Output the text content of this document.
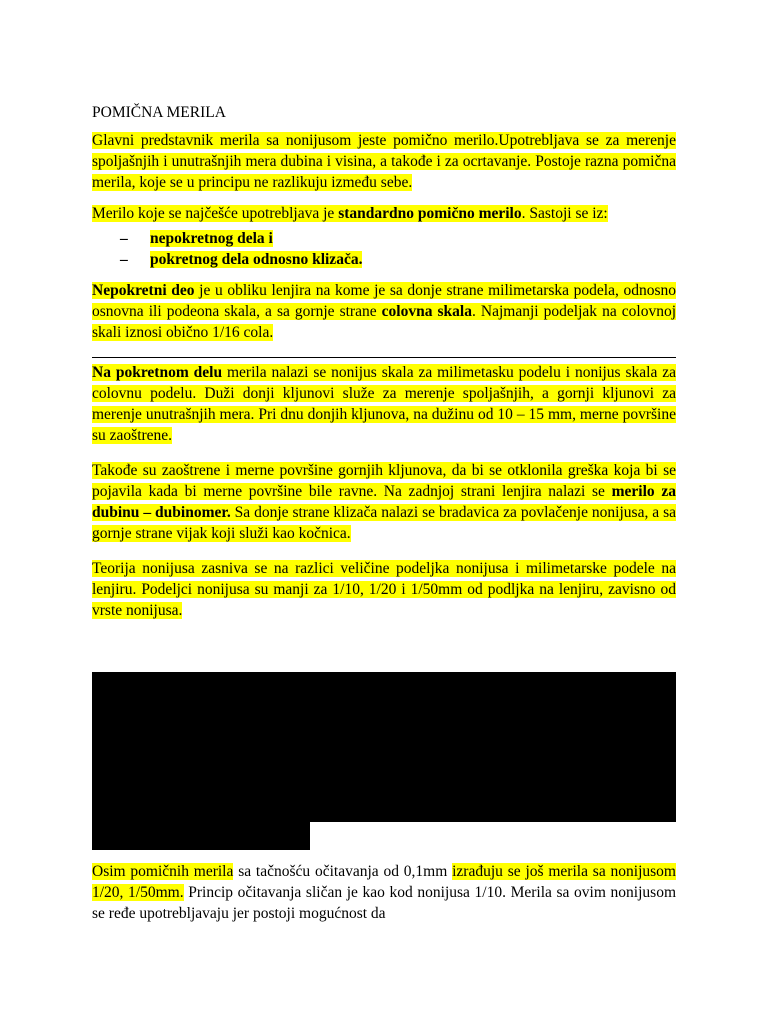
POMIČNA MERILA

Glavni predstavnik merila sa nonijusom jeste pomično merilo.Upotrebljava se za merenje spoljašnjih i unutrašnjih mera dubina i visina, a takođe i za ocrtavanje. Postoje razna pomična merila, koje se u principu ne razlikuju između sebe.

Merilo koje se najčešće upotrebljava je standardno pomično merilo. Sastoji se iz:

– nepokretnog dela i
– pokretnog dela odnosno klizača.

Nepokretni deo je u obliku lenjira na kome je sa donje strane milimetarska podela, odnosno osnovna ili podeona skala, a sa gornje strane colovna skala. Najmanji podeljak na colovnoj skali iznosi obično 1/16 cola.

Na pokretnom delu merila nalazi se nonijus skala za milimetasku podelu i nonijus skala za colovnu podelu. Duži donji kljunovi služe za merenje spoljašnjih, a gornji kljunovi za merenje unutrašnjih mera. Pri dnu donjih kljunova, na dužinu od 10 – 15 mm, merne površine su zaoštrene.

Takođe su zaoštrene i merne površine gornjih kljunova, da bi se otklonila greška koja bi se pojavila kada bi merne površine bile ravne. Na zadnjoj strani lenjira nalazi se merilo za dubinu – dubinomer. Sa donje strane klizača nalazi se bradavica za povlačenje nonijusa, a sa gornje strane vijak koji služi kao kočnica.

Teorija nonijusa zasniva se na razlici veličine podeljka nonijusa i milimetarske podele na lenjiru. Podeljci nonijusa su manji za 1/10, 1/20 i 1/50mm od podljka na lenjiru, zavisno od vrste nonijusa.

Osim pomičnih merila sa tačnošću očitavanja od 0,1mm izrađuju se još merila sa nonijusom 1/20, 1/50mm. Princip očitavanja sličan je kao kod nonijusa 1/10. Merila sa ovim nonijusom se ređe upotrebljavaju jer postoji mogućnost da
